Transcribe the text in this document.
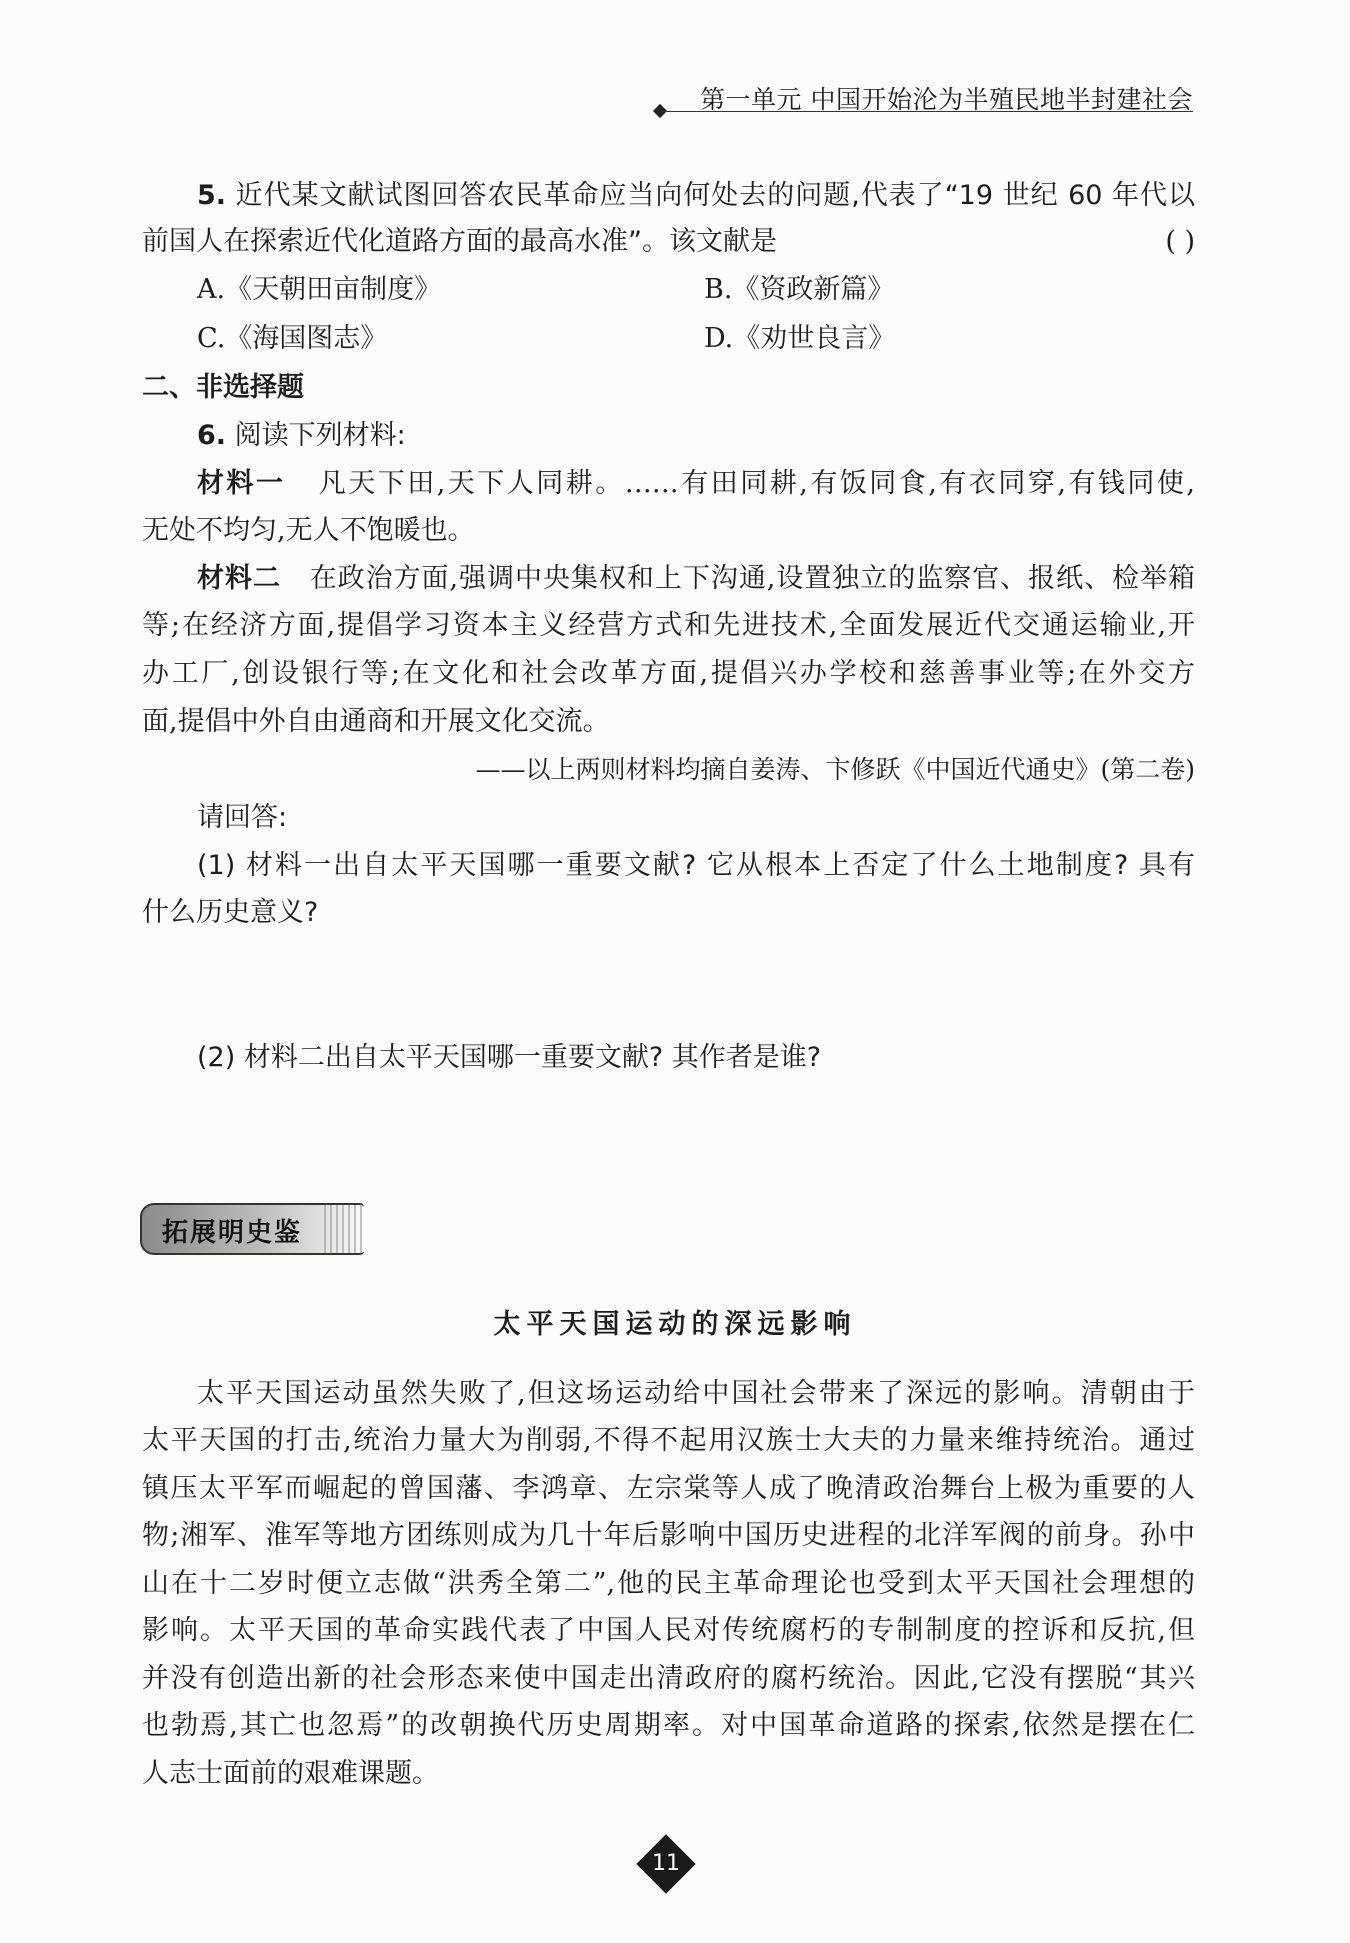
第一单元 中国开始沦为半殖民地半封建社会
5. 近代某文献试图回答农民革命应当向何处去的问题,代表了“19 世纪 60 年代以
前国人在探索近代化道路方面的最高水准”。该文献是	( )
A.《天朝田亩制度》	B.《资政新篇》
C.《海国图志》	D.《劝世良言》
二、非选择题
6. 阅读下列材料:
材料一 凡天下田,天下人同耕。……有田同耕,有饭同食,有衣同穿,有钱同使,
无处不均匀,无人不饱暖也。
材料二 在政治方面,强调中央集权和上下沟通,设置独立的监察官、报纸、检举箱
等;在经济方面,提倡学习资本主义经营方式和先进技术,全面发展近代交通运输业,开
办工厂,创设银行等;在文化和社会改革方面,提倡兴办学校和慈善事业等;在外交方
面,提倡中外自由通商和开展文化交流。
——以上两则材料均摘自姜涛、卞修跃《中国近代通史》(第二卷)
请回答:
(1) 材料一出自太平天国哪一重要文献? 它从根本上否定了什么土地制度? 具有
什么历史意义?
(2) 材料二出自太平天国哪一重要文献? 其作者是谁?
拓展明史鉴
太平天国运动的深远影响
太平天国运动虽然失败了,但这场运动给中国社会带来了深远的影响。清朝由于
太平天国的打击,统治力量大为削弱,不得不起用汉族士大夫的力量来维持统治。通过
镇压太平军而崛起的曾国藩、李鸿章、左宗棠等人成了晚清政治舞台上极为重要的人
物;湘军、淮军等地方团练则成为几十年后影响中国历史进程的北洋军阀的前身。孙中
山在十二岁时便立志做“洪秀全第二”,他的民主革命理论也受到太平天国社会理想的
影响。太平天国的革命实践代表了中国人民对传统腐朽的专制制度的控诉和反抗,但
并没有创造出新的社会形态来使中国走出清政府的腐朽统治。因此,它没有摆脱“其兴
也勃焉,其亡也忽焉”的改朝换代历史周期率。对中国革命道路的探索,依然是摆在仁
人志士面前的艰难课题。
11
